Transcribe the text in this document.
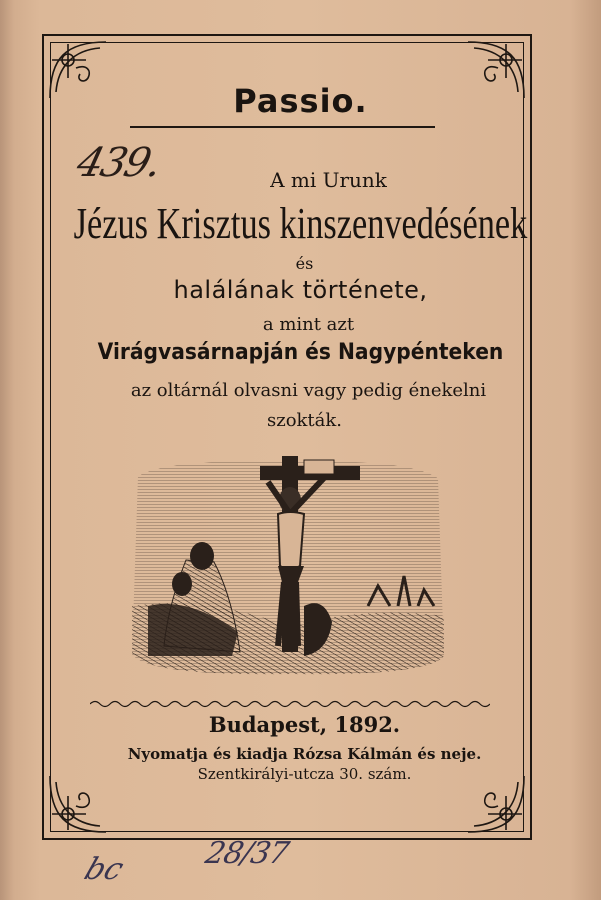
Passio.
439.	A mi Urunk
Jézus Krisztus kinszenvedésének
és
halálának története,
a mint azt
Virágvasárnapján és Nagypénteken
az oltárnál olvasni vagy pedig énekelni
szokták.
Budapest, 1892.
Nyomatja és kiadja Rózsa Kálmán és neje.
Szentkirályi-utcza 30. szám.
bc 28/37
